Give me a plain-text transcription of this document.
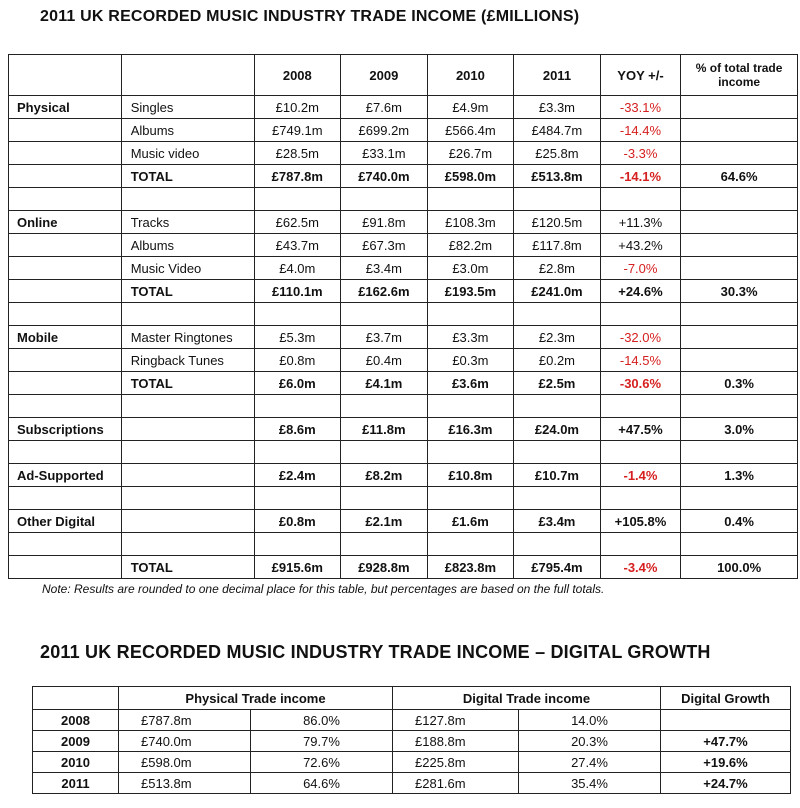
2011 UK RECORDED MUSIC INDUSTRY TRADE INCOME (£MILLIONS)
		2008	2009	2010	2011	YOY +/-	% of total trade income
Physical	Singles	£10.2m	£7.6m	£4.9m	£3.3m	-33.1%	
	Albums	£749.1m	£699.2m	£566.4m	£484.7m	-14.4%	
	Music video	£28.5m	£33.1m	£26.7m	£25.8m	-3.3%	
	TOTAL	£787.8m	£740.0m	£598.0m	£513.8m	-14.1%	64.6%

Online	Tracks	£62.5m	£91.8m	£108.3m	£120.5m	+11.3%	
	Albums	£43.7m	£67.3m	£82.2m	£117.8m	+43.2%	
	Music Video	£4.0m	£3.4m	£3.0m	£2.8m	-7.0%	
	TOTAL	£110.1m	£162.6m	£193.5m	£241.0m	+24.6%	30.3%

Mobile	Master Ringtones	£5.3m	£3.7m	£3.3m	£2.3m	-32.0%	
	Ringback Tunes	£0.8m	£0.4m	£0.3m	£0.2m	-14.5%	
	TOTAL	£6.0m	£4.1m	£3.6m	£2.5m	-30.6%	0.3%

Subscriptions		£8.6m	£11.8m	£16.3m	£24.0m	+47.5%	3.0%

Ad-Supported		£2.4m	£8.2m	£10.8m	£10.7m	-1.4%	1.3%

Other Digital		£0.8m	£2.1m	£1.6m	£3.4m	+105.8%	0.4%

	TOTAL	£915.6m	£928.8m	£823.8m	£795.4m	-3.4%	100.0%
Note: Results are rounded to one decimal place for this table, but percentages are based on the full totals.
2011 UK RECORDED MUSIC INDUSTRY TRADE INCOME – DIGITAL GROWTH
	Physical Trade income		Digital Trade income		Digital Growth
2008	£787.8m	86.0%	£127.8m	14.0%	
2009	£740.0m	79.7%	£188.8m	20.3%	+47.7%
2010	£598.0m	72.6%	£225.8m	27.4%	+19.6%
2011	£513.8m	64.6%	£281.6m	35.4%	+24.7%
